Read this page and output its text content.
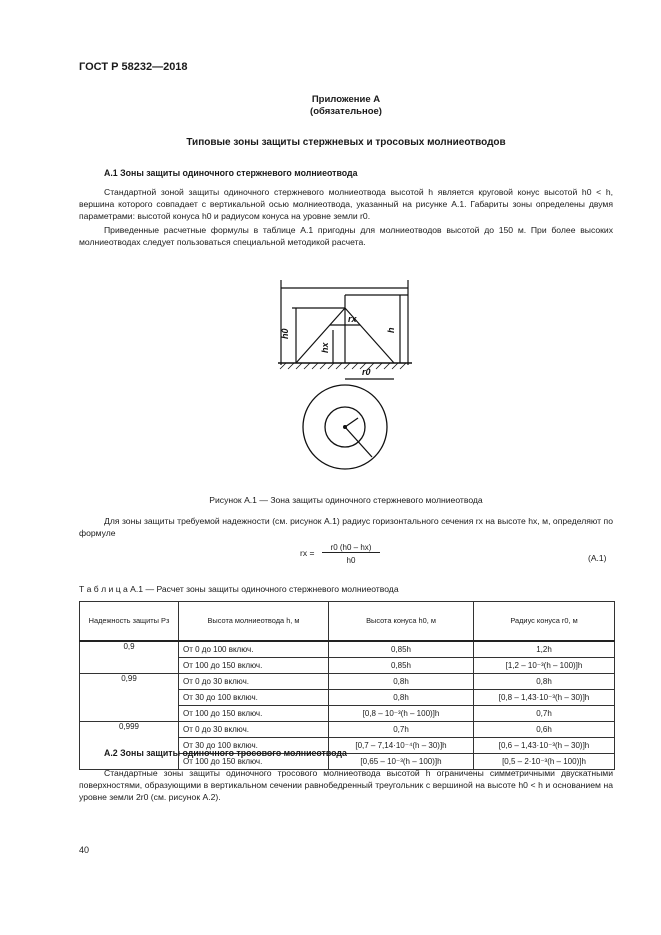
ГОСТ Р 58232—2018
Приложение А
(обязательное)
Типовые зоны защиты стержневых и тросовых молниеотводов
А.1 Зоны защиты одиночного стержневого молниеотвода
Стандартной зоной защиты одиночного стержневого молниеотвода высотой h является круговой конус высотой h0 < h, вершина которого совпадает с вертикальной осью молниеотвода, указанный на рисунке А.1. Габариты зоны определены двумя параметрами: высотой конуса h0 и радиусом конуса на уровне земли r0.
Приведенные расчетные формулы в таблице А.1 пригодны для молниеотводов высотой до 150 м. При более высоких молниеотводах следует пользоваться специальной методикой расчета.
h0	h
rx
hx
r0
Рисунок А.1 — Зона защиты одиночного стержневого молниеотвода
Для зоны защиты требуемой надежности (см. рисунок А.1) радиус горизонтального сечения rx на высоте hx, м, определяют по формуле
rx =
r0 (h0 – hx)
h0	(А.1)
Т а б л и ц а А.1 — Расчет зоны защиты одиночного стержневого молниеотвода
Надежность защиты Рз	Высота молниеотвода h, м	Высота конуса h0, м	Радиус конуса r0, м
0,9	От 0 до 100 включ.	0,85h	1,2h
	От 100 до 150 включ.	0,85h	[1,2 – 10⁻³(h – 100)]h
0,99	От 0 до 30 включ.	0,8h	0,8h
	От 30 до 100 включ.	0,8h	[0,8 – 1,43·10⁻³(h – 30)]h
	От 100 до 150 включ.	[0,8 – 10⁻³(h – 100)]h	0,7h
0,999	От 0 до 30 включ.	0,7h	0,6h
	От 30 до 100 включ.	[0,7 – 7,14·10⁻⁴(h – 30)]h	[0,6 – 1,43·10⁻³(h – 30)]h
	От 100 до 150 включ.	[0,65 – 10⁻³(h – 100)]h	[0,5 – 2·10⁻³(h – 100)]h
А.2 Зоны защиты одиночного тросового молниеотвода
Стандартные зоны защиты одиночного тросового молниеотвода высотой h ограничены симметричными двускатными поверхностями, образующими в вертикальном сечении равнобедренный треугольник с вершиной на высоте h0 < h и основанием на уровне земли 2r0 (см. рисунок А.2).
40
